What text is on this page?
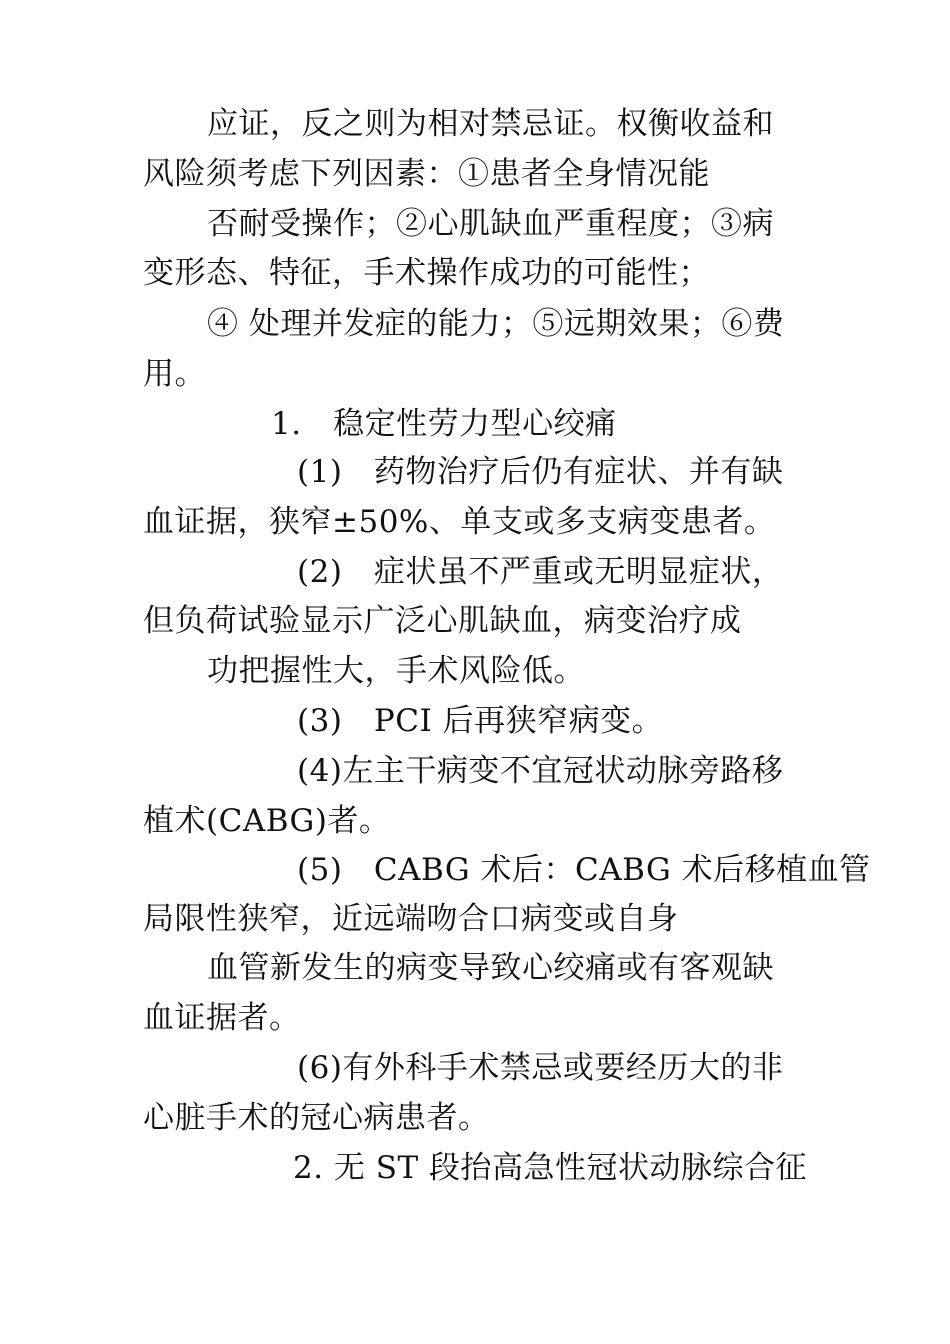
应证，反之则为相对禁忌证。权衡收益和
风险须考虑下列因素：①患者全身情况能
否耐受操作；②心肌缺血严重程度；③病
变形态、特征，手术操作成功的可能性；
④ 处理并发症的能力；⑤远期效果；⑥费
用。
1.　稳定性劳力型心绞痛
(1)　药物治疗后仍有症状、并有缺
血证据，狭窄±50%、单支或多支病变患者。
(2)　症状虽不严重或无明显症状，
但负荷试验显示广泛心肌缺血，病变治疗成
功把握性大，手术风险低。
(3)　PCI 后再狭窄病变。
(4)左主干病变不宜冠状动脉旁路移
植术(CABG)者。
(5)　CABG 术后：CABG 术后移植血管
局限性狭窄，近远端吻合口病变或自身
血管新发生的病变导致心绞痛或有客观缺
血证据者。
(6)有外科手术禁忌或要经历大的非
心脏手术的冠心病患者。
2. 无 ST 段抬高急性冠状动脉综合征
